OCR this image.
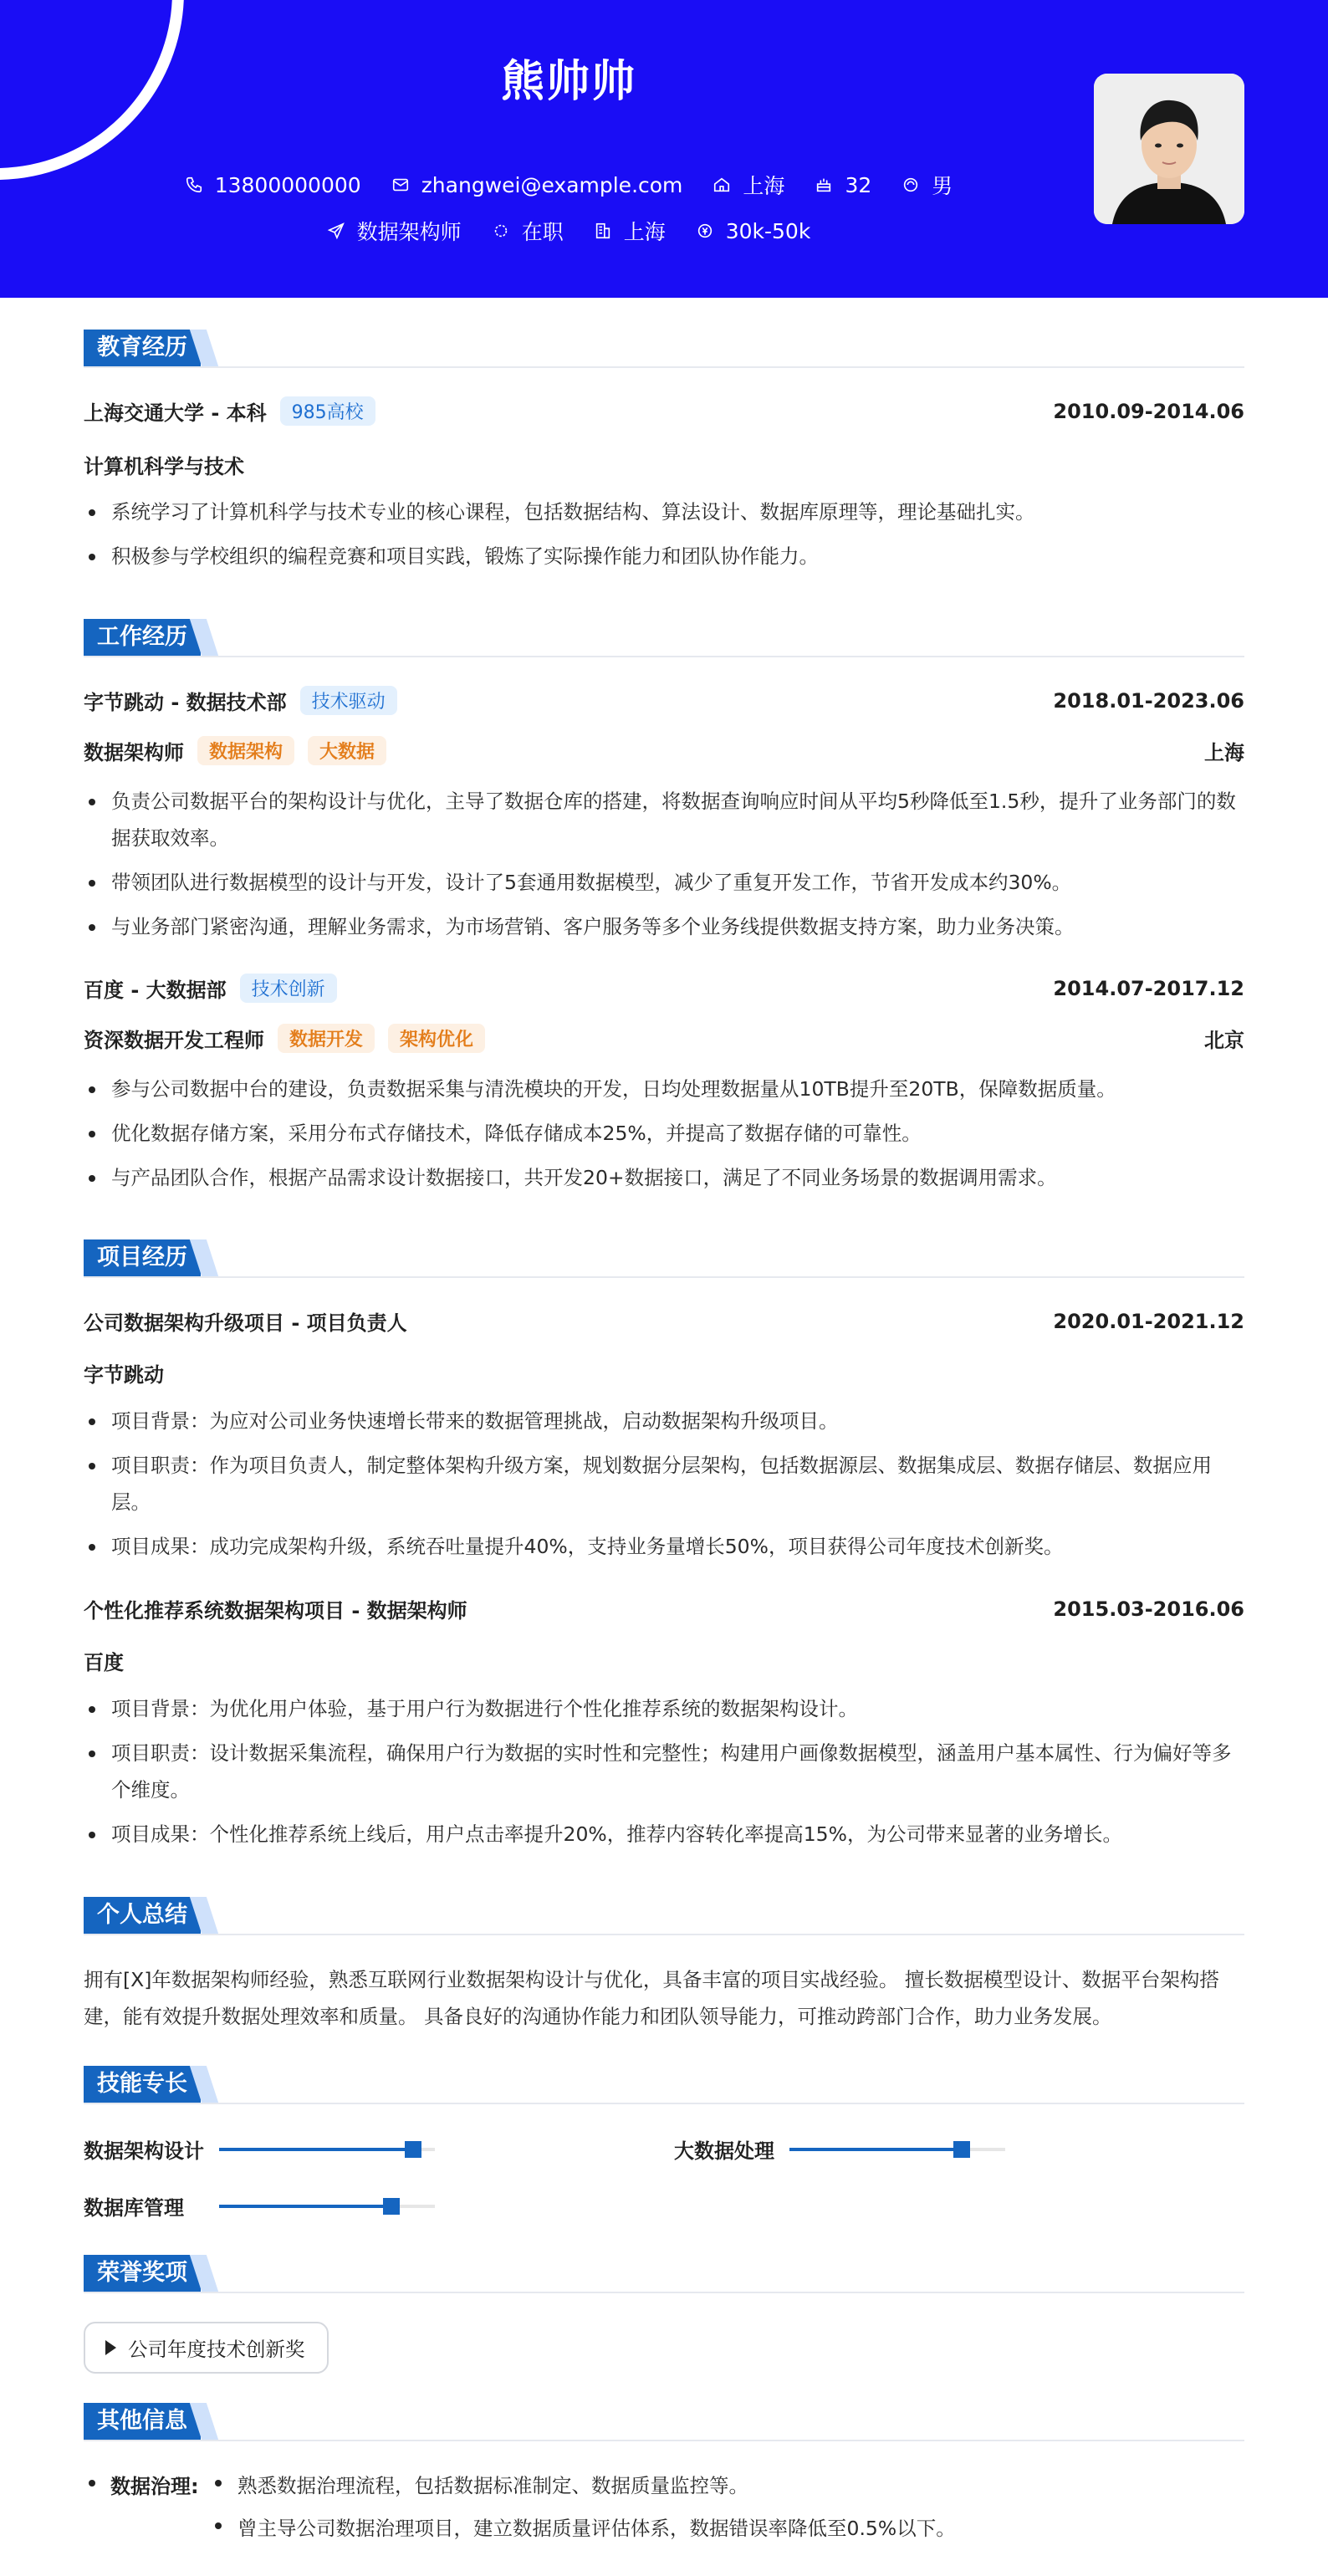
熊帅帅
13800000000	zhangwei@example.com	上海	32	男
数据架构师	在职	上海	30k-50k
教育经历
上海交通大学 - 本科	985高校	2010.09-2014.06
计算机科学与技术
系统学习了计算机科学与技术专业的核心课程，包括数据结构、算法设计、数据库原理等，理论基础扎实。
积极参与学校组织的编程竞赛和项目实践，锻炼了实际操作能力和团队协作能力。
工作经历
字节跳动 - 数据技术部	技术驱动	2018.01-2023.06
数据架构师	数据架构	大数据	上海
负责公司数据平台的架构设计与优化，主导了数据仓库的搭建，将数据查询响应时间从平均5秒降低至1.5秒，提升了业务部门的数据获取效率。
带领团队进行数据模型的设计与开发，设计了5套通用数据模型，减少了重复开发工作，节省开发成本约30%。
与业务部门紧密沟通，理解业务需求，为市场营销、客户服务等多个业务线提供数据支持方案，助力业务决策。
百度 - 大数据部	技术创新	2014.07-2017.12
资深数据开发工程师	数据开发	架构优化	北京
参与公司数据中台的建设，负责数据采集与清洗模块的开发，日均处理数据量从10TB提升至20TB，保障数据质量。
优化数据存储方案，采用分布式存储技术，降低存储成本25%，并提高了数据存储的可靠性。
与产品团队合作，根据产品需求设计数据接口，共开发20+数据接口，满足了不同业务场景的数据调用需求。
项目经历
公司数据架构升级项目 - 项目负责人	2020.01-2021.12
字节跳动
项目背景：为应对公司业务快速增长带来的数据管理挑战，启动数据架构升级项目。
项目职责：作为项目负责人，制定整体架构升级方案，规划数据分层架构，包括数据源层、数据集成层、数据存储层、数据应用层。
项目成果：成功完成架构升级，系统吞吐量提升40%，支持业务量增长50%，项目获得公司年度技术创新奖。
个性化推荐系统数据架构项目 - 数据架构师	2015.03-2016.06
百度
项目背景：为优化用户体验，基于用户行为数据进行个性化推荐系统的数据架构设计。
项目职责：设计数据采集流程，确保用户行为数据的实时性和完整性；构建用户画像数据模型，涵盖用户基本属性、行为偏好等多个维度。
项目成果：个性化推荐系统上线后，用户点击率提升20%，推荐内容转化率提高15%，为公司带来显著的业务增长。
个人总结
拥有[X]年数据架构师经验，熟悉互联网行业数据架构设计与优化，具备丰富的项目实战经验。 擅长数据模型设计、数据平台架构搭建，能有效提升数据处理效率和质量。 具备良好的沟通协作能力和团队领导能力，可推动跨部门合作，助力业务发展。
技能专长
数据架构设计	大数据处理
数据库管理
荣誉奖项
公司年度技术创新奖
其他信息
数据治理:	熟悉数据治理流程，包括数据标准制定、数据质量监控等。
曾主导公司数据治理项目，建立数据质量评估体系，数据错误率降低至0.5%以下。
